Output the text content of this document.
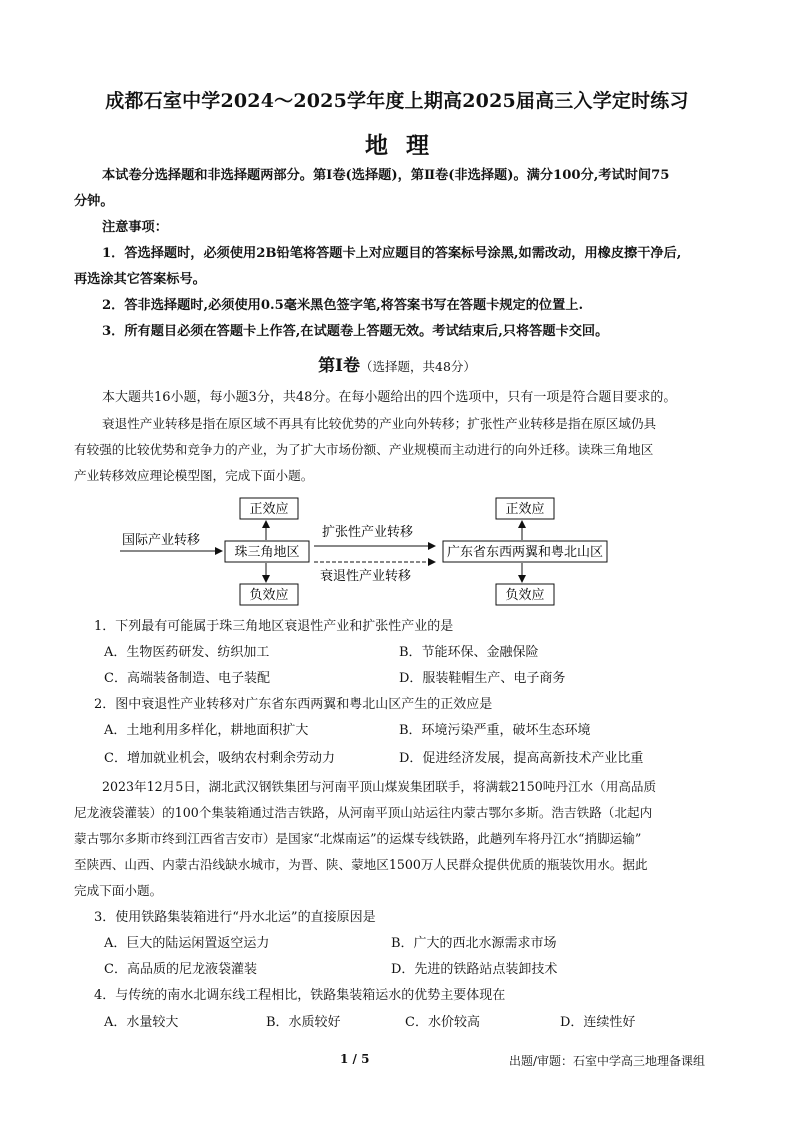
成都石室中学2024～2025学年度上期高2025届高三入学定时练习
地理
本试卷分选择题和非选择题两部分。第Ⅰ卷(选择题)，第Ⅱ卷(非选择题)。满分100分,考试时间75
分钟。
注意事项：
1．答选择题时，必须使用2B铅笔将答题卡上对应题目的答案标号涂黑,如需改动，用橡皮擦干净后,
再选涂其它答案标号。
2．答非选择题时,必须使用0.5毫米黑色签字笔,将答案书写在答题卡规定的位置上.
3．所有题目必须在答题卡上作答,在试题卷上答题无效。考试结束后,只将答题卡交回。
第Ⅰ卷（选择题，共48分）
本大题共16小题，每小题3分，共48分。在每小题给出的四个选项中，只有一项是符合题目要求的。
衰退性产业转移是指在原区域不再具有比较优势的产业向外转移；扩张性产业转移是指在原区域仍具
有较强的比较优势和竞争力的产业，为了扩大市场份额、产业规模而主动进行的向外迁移。读珠三角地区
产业转移效应理论模型图，完成下面小题。
正效应
珠三角地区
负效应
国际产业转移
扩张性产业转移
衰退性产业转移
正效应
广东省东西两翼和粤北山区
负效应
1．下列最有可能属于珠三角地区衰退性产业和扩张性产业的是
A．生物医药研发、纺织加工	B．节能环保、金融保险
C．高端装备制造、电子装配	D．服装鞋帽生产、电子商务
2．图中衰退性产业转移对广东省东西两翼和粤北山区产生的正效应是
A．土地利用多样化，耕地面积扩大	B．环境污染严重，破坏生态环境
C．增加就业机会，吸纳农村剩余劳动力	D．促进经济发展，提高高新技术产业比重
2023年12月5日，湖北武汉钢铁集团与河南平顶山煤炭集团联手，将满载2150吨丹江水（用高品质
尼龙液袋灌装）的100个集装箱通过浩吉铁路，从河南平顶山站运往内蒙古鄂尔多斯。浩吉铁路（北起内
蒙古鄂尔多斯市终到江西省吉安市）是国家“北煤南运”的运煤专线铁路，此趟列车将丹江水“捎脚运输”
至陕西、山西、内蒙古沿线缺水城市，为晋、陕、蒙地区1500万人民群众提供优质的瓶装饮用水。据此
完成下面小题。
3．使用铁路集装箱进行“丹水北运”的直接原因是
A．巨大的陆运闲置返空运力	B．广大的西北水源需求市场
C．高品质的尼龙液袋灌装	D．先进的铁路站点装卸技术
4．与传统的南水北调东线工程相比，铁路集装箱运水的优势主要体现在
A．水量较大	B．水质较好	C．水价较高	D．连续性好
1 / 5	出题/审题：石室中学高三地理备课组
